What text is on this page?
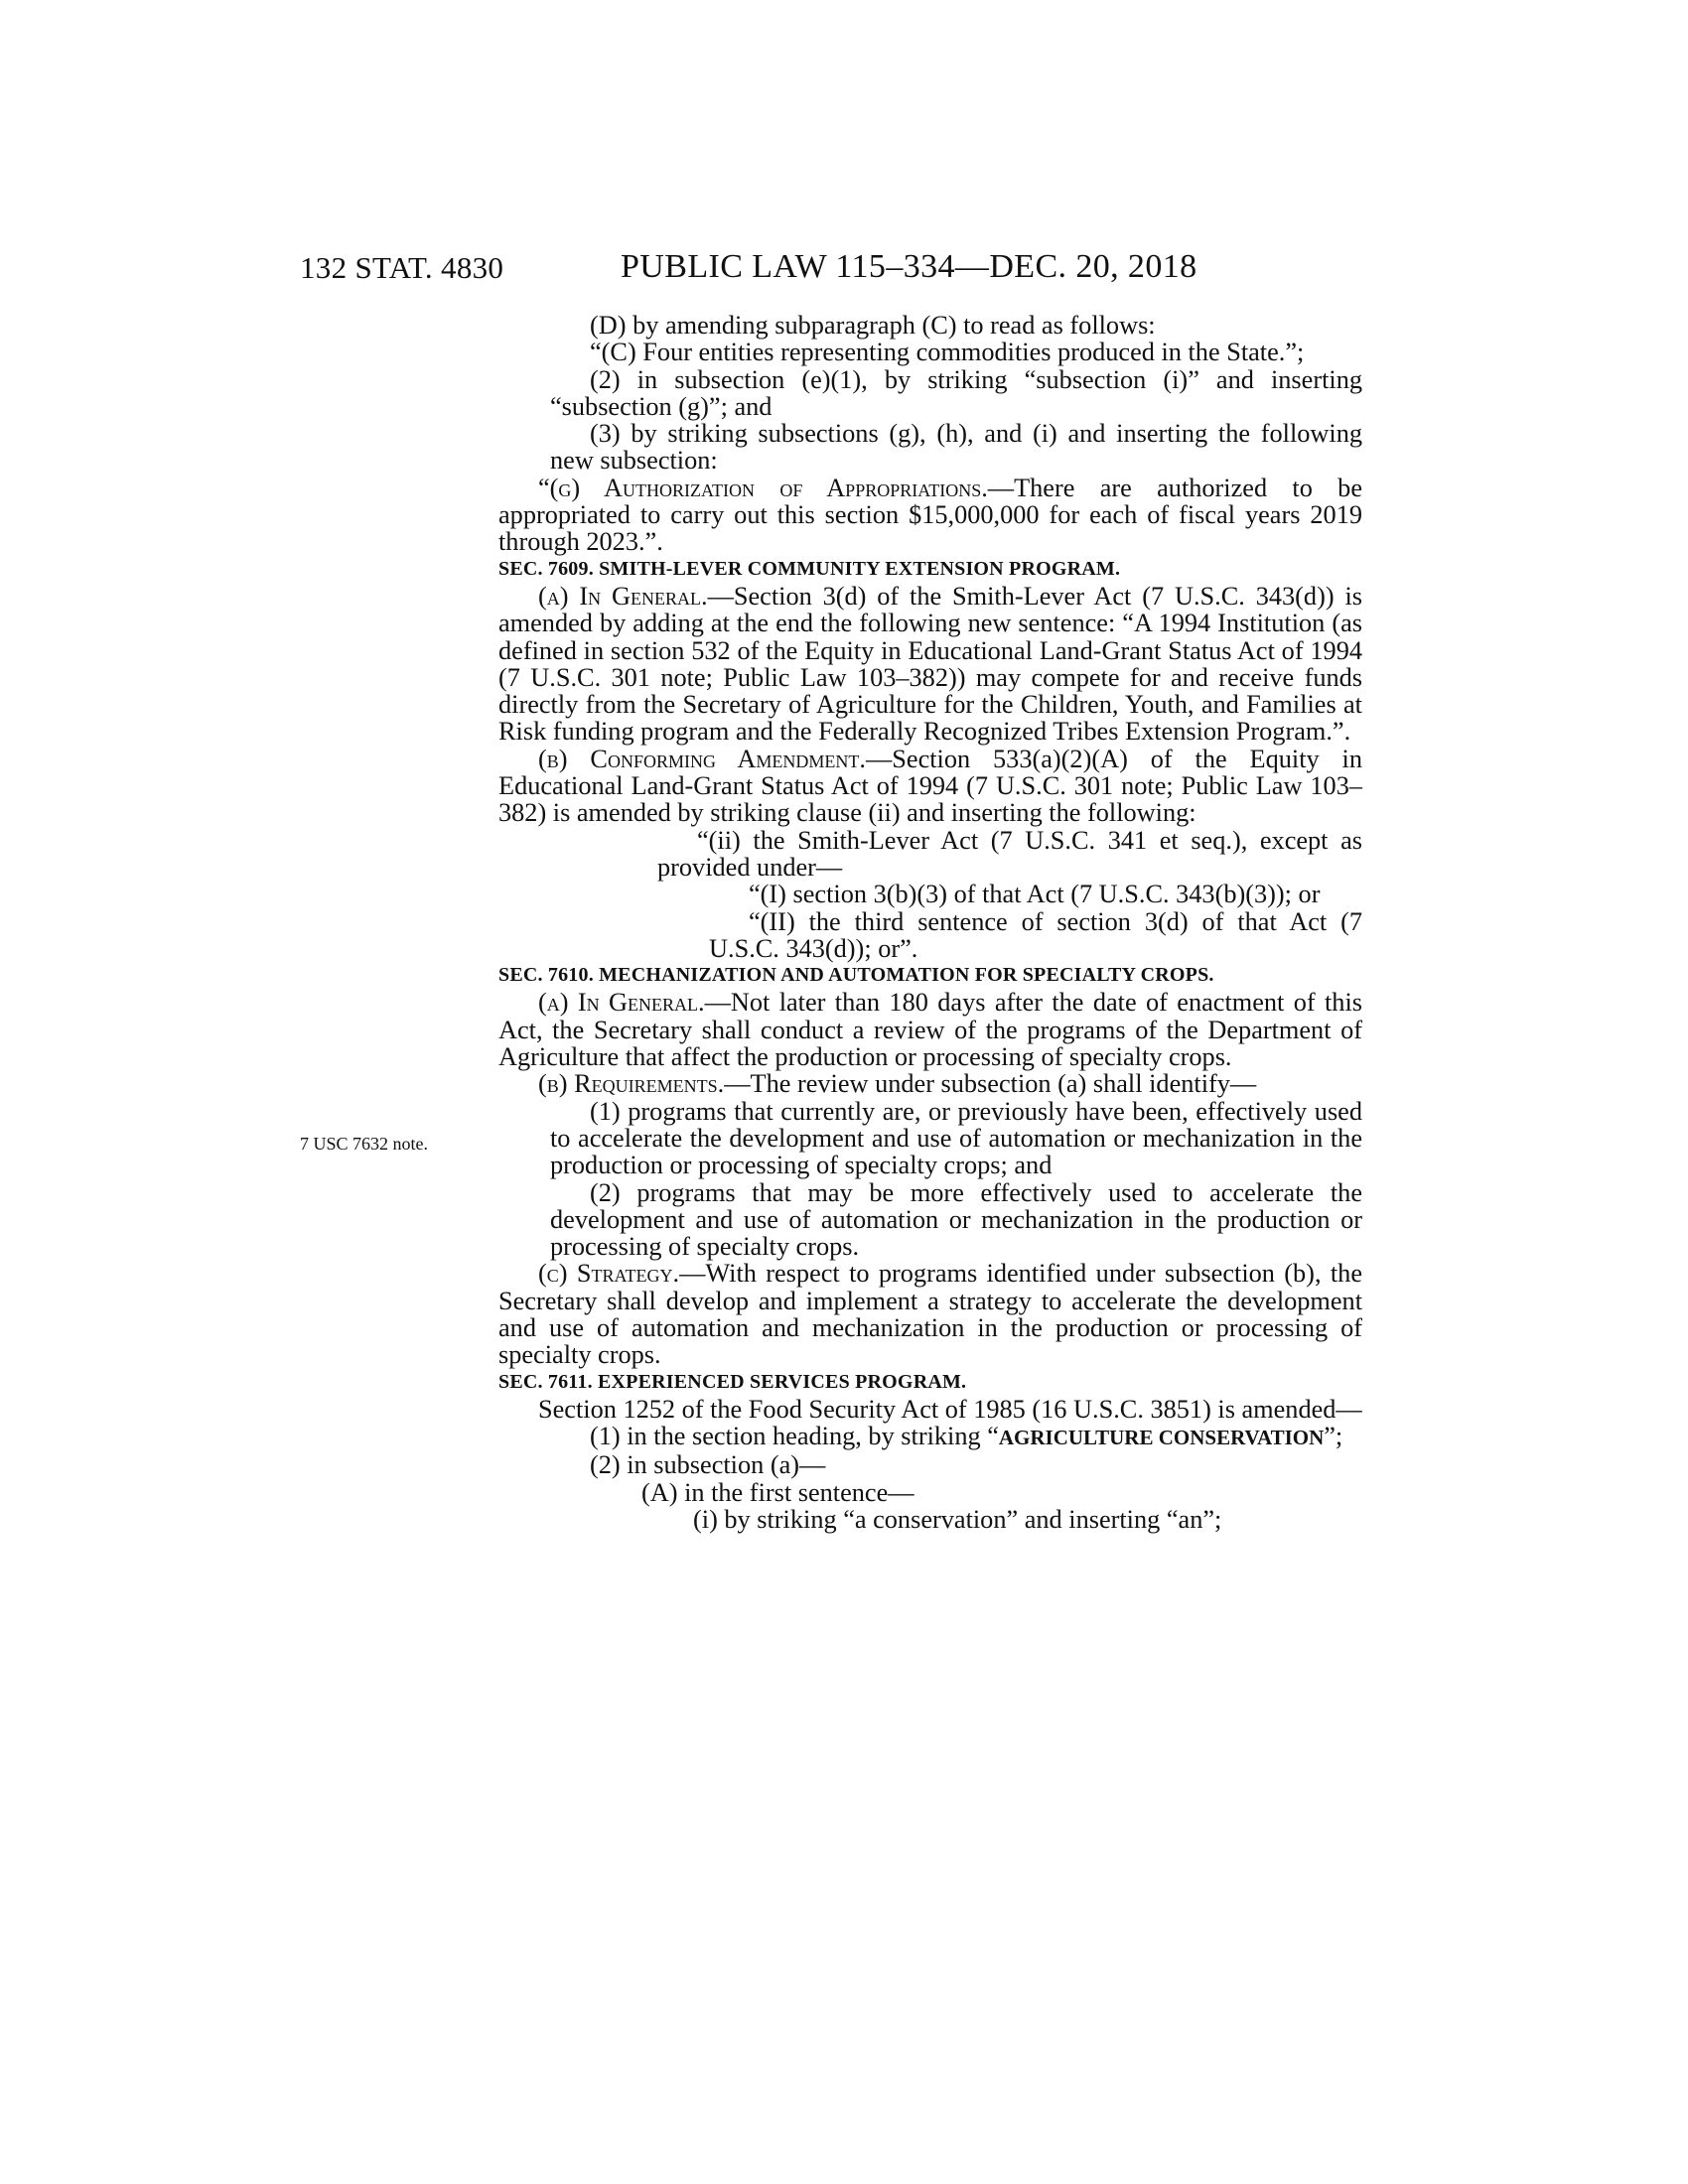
132 STAT. 4830	PUBLIC LAW 115–334—DEC. 20, 2018
7 USC 7632 note.

(D) by amending subparagraph (C) to read as follows:

“(C) Four entities representing commodities produced in the State.”;

(2) in subsection (e)(1), by striking “subsection (i)” and inserting “subsection (g)”; and

(3) by striking subsections (g), (h), and (i) and inserting the following new subsection:

“(g) Authorization of Appropriations.—There are authorized to be appropriated to carry out this section $15,000,000 for each of fiscal years 2019 through 2023.”.

SEC. 7609. SMITH-LEVER COMMUNITY EXTENSION PROGRAM.

(a) In General.—Section 3(d) of the Smith-Lever Act (7 U.S.C. 343(d)) is amended by adding at the end the following new sentence: “A 1994 Institution (as defined in section 532 of the Equity in Educational Land-Grant Status Act of 1994 (7 U.S.C. 301 note; Public Law 103–382)) may compete for and receive funds directly from the Secretary of Agriculture for the Children, Youth, and Families at Risk funding program and the Federally Recognized Tribes Extension Program.”.

(b) Conforming Amendment.—Section 533(a)(2)(A) of the Equity in Educational Land-Grant Status Act of 1994 (7 U.S.C. 301 note; Public Law 103–382) is amended by striking clause (ii) and inserting the following:

“(ii) the Smith-Lever Act (7 U.S.C. 341 et seq.), except as provided under—

“(I) section 3(b)(3) of that Act (7 U.S.C. 343(b)(3)); or

“(II) the third sentence of section 3(d) of that Act (7 U.S.C. 343(d)); or”.

SEC. 7610. MECHANIZATION AND AUTOMATION FOR SPECIALTY CROPS.

(a) In General.—Not later than 180 days after the date of enactment of this Act, the Secretary shall conduct a review of the programs of the Department of Agriculture that affect the production or processing of specialty crops.

(b) Requirements.—The review under subsection (a) shall identify—

(1) programs that currently are, or previously have been, effectively used to accelerate the development and use of automation or mechanization in the production or processing of specialty crops; and

(2) programs that may be more effectively used to accelerate the development and use of automation or mechanization in the production or processing of specialty crops.

(c) Strategy.—With respect to programs identified under subsection (b), the Secretary shall develop and implement a strategy to accelerate the development and use of automation and mechanization in the production or processing of specialty crops.

SEC. 7611. EXPERIENCED SERVICES PROGRAM.

Section 1252 of the Food Security Act of 1985 (16 U.S.C. 3851) is amended—

(1) in the section heading, by striking “AGRICULTURE CONSERVATION”;

(2) in subsection (a)—

(A) in the first sentence—

(i) by striking “a conservation” and inserting “an”;
